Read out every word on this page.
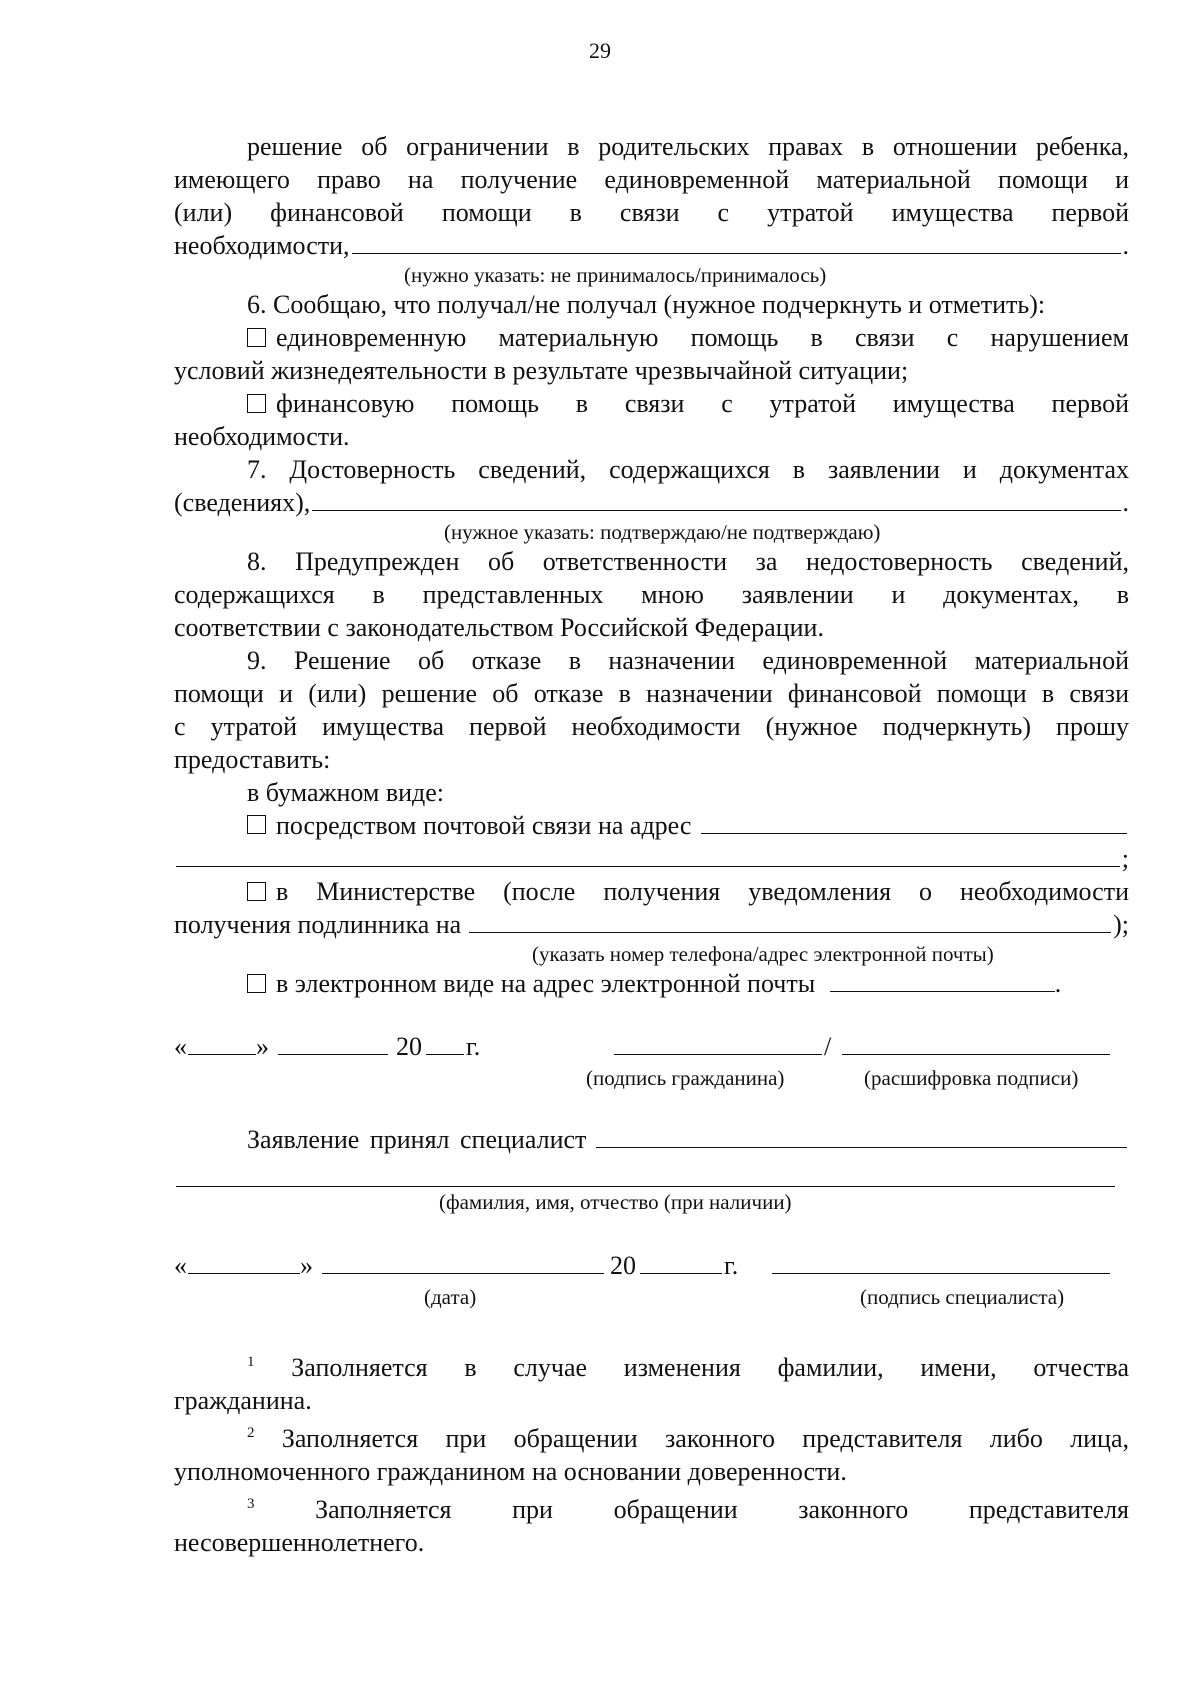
29
решение об ограничении в родительских правах в отношении ребенка,
имеющего право на получение единовременной материальной помощи и
(или) финансовой помощи в связи с утратой имущества первой
необходимости,	.
(нужно указать: не принималось/принималось)
6. Сообщаю, что получал/не получал (нужное подчеркнуть и отметить):
единовременную материальную помощь в связи с нарушением
условий жизнедеятельности в результате чрезвычайной ситуации;
финансовую помощь в связи с утратой имущества первой
необходимости.
7. Достоверность сведений, содержащихся в заявлении и документах
(сведениях),	.
(нужное указать: подтверждаю/не подтверждаю)
8. Предупрежден об ответственности за недостоверность сведений,
содержащихся в представленных мною заявлении и документах, в
соответствии с законодательством Российской Федерации.
9. Решение об отказе в назначении единовременной материальной
помощи и (или) решение об отказе в назначении финансовой помощи в связи
с утратой имущества первой необходимости (нужное подчеркнуть) прошу
предоставить:
в бумажном виде:
посредством почтовой связи на адрес
;
в Министерстве (после получения уведомления о необходимости
получения подлинника на	);
(указать номер телефона/адрес электронной почты)
в электронном виде на адрес электронной почты	.
«	»	20 г.	/
(подпись гражданина)	(расшифровка подписи)
Заявление принял специалист
(фамилия, имя, отчество (при наличии)
«	»	20	г.
(дата)	(подпись специалиста)
$^1$ Заполняется в случае изменения фамилии, имени, отчества
гражданина.
$^2$ Заполняется при обращении законного представителя либо лица,
уполномоченного гражданином на основании доверенности.
$^3$ Заполняется при обращении законного представителя
несовершеннолетнего.
